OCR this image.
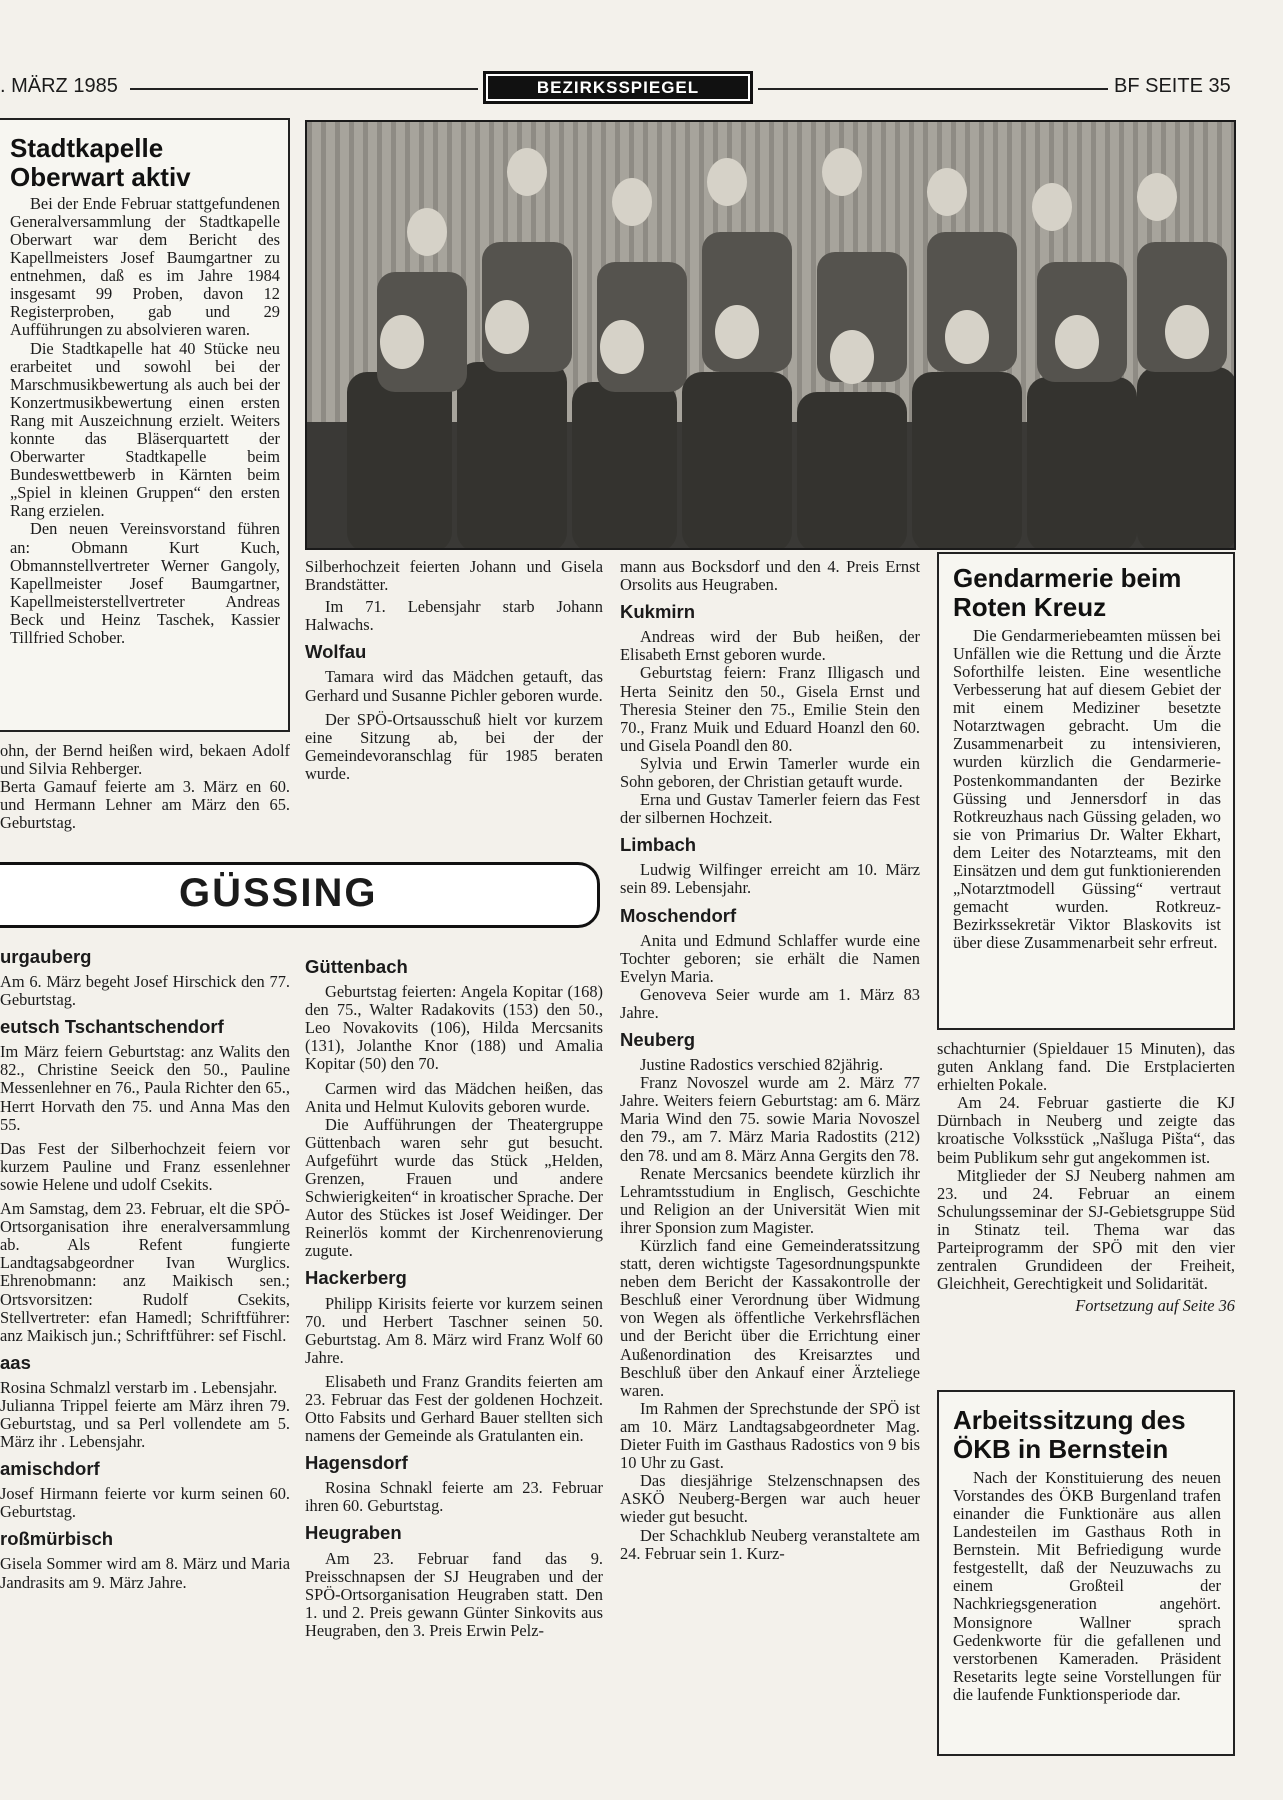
. MÄRZ 1985	BEZIRKSSPIEGEL	BF SEITE 35
Stadtkapelle
Oberwart aktiv

Bei der Ende Februar stattgefundenen Generalversammlung der Stadtkapelle Oberwart war dem Bericht des Kapellmeisters Josef Baumgartner zu entnehmen, daß es im Jahre 1984 insgesamt 99 Proben, davon 12 Registerproben, gab und 29 Aufführungen zu absolvieren waren.

Die Stadtkapelle hat 40 Stücke neu erarbeitet und sowohl bei der Marschmusikbewertung als auch bei der Konzertmusikbewertung einen ersten Rang mit Auszeichnung erzielt. Weiters konnte das Bläserquartett der Oberwarter Stadtkapelle beim Bundeswettbewerb in Kärnten beim „Spiel in kleinen Gruppen“ den ersten Rang erzielen.

Den neuen Vereinsvorstand führen an: Obmann Kurt Kuch, Obmannstellvertreter Werner Gangoly, Kapellmeister Josef Baumgartner, Kapellmeisterstellvertreter Andreas Beck und Heinz Taschek, Kassier Tillfried Schober.

ohn, der Bernd heißen wird, bekaen Adolf und Silvia Rehberger.

Berta Gamauf feierte am 3. März en 60. und Hermann Lehner am März den 65. Geburtstag.

Silberhochzeit feierten Johann und Gisela Brandstätter.

Im 71. Lebensjahr starb Johann Halwachs.

Wolfau

Tamara wird das Mädchen getauft, das Gerhard und Susanne Pichler geboren wurde.

Der SPÖ-Ortsausschuß hielt vor kurzem eine Sitzung ab, bei der der Gemeindevoranschlag für 1985 beraten wurde.

mann aus Bocksdorf und den 4. Preis Ernst Orsolits aus Heugraben.

Kukmirn

Andreas wird der Bub heißen, der Elisabeth Ernst geboren wurde.

Geburtstag feiern: Franz Illigasch und Herta Seinitz den 50., Gisela Ernst und Theresia Steiner den 75., Emilie Stein den 70., Franz Muik und Eduard Hoanzl den 60. und Gisela Poandl den 80.

Sylvia und Erwin Tamerler wurde ein Sohn geboren, der Christian getauft wurde.

Erna und Gustav Tamerler feiern das Fest der silbernen Hochzeit.

Limbach

Ludwig Wilfinger erreicht am 10. März sein 89. Lebensjahr.

Moschendorf

Anita und Edmund Schlaffer wurde eine Tochter geboren; sie erhält die Namen Evelyn Maria.

Genoveva Seier wurde am 1. März 83 Jahre.

Neuberg

Justine Radostics verschied 82jährig.

Franz Novoszel wurde am 2. März 77 Jahre. Weiters feiern Geburtstag: am 6. März Maria Wind den 75. sowie Maria Novoszel den 79., am 7. März Maria Radostits (212) den 78. und am 8. März Anna Gergits den 78.

Renate Mercsanics beendete kürzlich ihr Lehramtsstudium in Englisch, Geschichte und Religion an der Universität Wien mit ihrer Sponsion zum Magister.

Kürzlich fand eine Gemeinderatssitzung statt, deren wichtigste Tagesordnungspunkte neben dem Bericht der Kassakontrolle der Beschluß einer Verordnung über Widmung von Wegen als öffentliche Verkehrsflächen und der Bericht über die Errichtung einer Außenordination des Kreisarztes und Beschluß über den Ankauf einer Ärzteliege waren.

Im Rahmen der Sprechstunde der SPÖ ist am 10. März Landtagsabgeordneter Mag. Dieter Fuith im Gasthaus Radostics von 9 bis 10 Uhr zu Gast.

Das diesjährige Stelzenschnapsen des ASKÖ Neuberg-Bergen war auch heuer wieder gut besucht.

Der Schachklub Neuberg veranstaltete am 24. Februar sein 1. Kurz-

Gendarmerie beim
Roten Kreuz

Die Gendarmeriebeamten müssen bei Unfällen wie die Rettung und die Ärzte Soforthilfe leisten. Eine wesentliche Verbesserung hat auf diesem Gebiet der mit einem Mediziner besetzte Notarztwagen gebracht. Um die Zusammenarbeit zu intensivieren, wurden kürzlich die Gendarmerie-Postenkommandanten der Bezirke Güssing und Jennersdorf in das Rotkreuzhaus nach Güssing geladen, wo sie von Primarius Dr. Walter Ekhart, dem Leiter des Notarzteams, mit den Einsätzen und dem gut funktionierenden „Notarztmodell Güssing“ vertraut gemacht wurden. Rotkreuz-Bezirkssekretär Viktor Blaskovits ist über diese Zusammenarbeit sehr erfreut.

schachturnier (Spieldauer 15 Minuten), das guten Anklang fand. Die Erstplacierten erhielten Pokale.

Am 24. Februar gastierte die KJ Dürnbach in Neuberg und zeigte das kroatische Volksstück „Našluga Pišta“, das beim Publikum sehr gut angekommen ist.

Mitglieder der SJ Neuberg nahmen am 23. und 24. Februar an einem Schulungsseminar der SJ-Gebietsgruppe Süd in Stinatz teil. Thema war das Parteiprogramm der SPÖ mit den vier zentralen Grundideen der Freiheit, Gleichheit, Gerechtigkeit und Solidarität.

Fortsetzung auf Seite 36

Arbeitssitzung des
ÖKB in Bernstein

Nach der Konstituierung des neuen Vorstandes des ÖKB Burgenland trafen einander die Funktionäre aus allen Landesteilen im Gasthaus Roth in Bernstein. Mit Befriedigung wurde festgestellt, daß der Neuzuwachs zu einem Großteil der Nachkriegsgeneration angehört. Monsignore Wallner sprach Gedenkworte für die gefallenen und verstorbenen Kameraden. Präsident Resetarits legte seine Vorstellungen für die laufende Funktionsperiode dar.

GÜSSING
urgauberg

Am 6. März begeht Josef Hirschick den 77. Geburtstag.

eutsch Tschantschendorf

Im März feiern Geburtstag: anz Walits den 82., Christine Seeick den 50., Pauline Messenlehner en 76., Paula Richter den 65., Herrt Horvath den 75. und Anna Mas den 55.

Das Fest der Silberhochzeit feiern vor kurzem Pauline und Franz essenlehner sowie Helene und udolf Csekits.

Am Samstag, dem 23. Februar, elt die SPÖ-Ortsorganisation ihre eneralversammlung ab. Als Refent fungierte Landtagsabgeordner Ivan Wurglics. Ehrenobmann: anz Maikisch sen.; Ortsvorsitzen: Rudolf Csekits, Stellvertreter: efan Hamedl; Schriftführer: anz Maikisch jun.; Schriftführer: sef Fischl.

aas

Rosina Schmalzl verstarb im . Lebensjahr.

Julianna Trippel feierte am März ihren 79. Geburtstag, und sa Perl vollendete am 5. März ihr . Lebensjahr.

amischdorf

Josef Hirmann feierte vor kurm seinen 60. Geburtstag.

roßmürbisch

Gisela Sommer wird am 8. März und Maria Jandrasits am 9. März Jahre.

Güttenbach

Geburtstag feierten: Angela Kopitar (168) den 75., Walter Radakovits (153) den 50., Leo Novakovits (106), Hilda Mercsanits (131), Jolanthe Knor (188) und Amalia Kopitar (50) den 70.

Carmen wird das Mädchen heißen, das Anita und Helmut Kulovits geboren wurde.

Die Aufführungen der Theatergruppe Güttenbach waren sehr gut besucht. Aufgeführt wurde das Stück „Helden, Grenzen, Frauen und andere Schwierigkeiten“ in kroatischer Sprache. Der Autor des Stückes ist Josef Weidinger. Der Reinerlös kommt der Kirchenrenovierung zugute.

Hackerberg

Philipp Kirisits feierte vor kurzem seinen 70. und Herbert Taschner seinen 50. Geburtstag. Am 8. März wird Franz Wolf 60 Jahre.

Elisabeth und Franz Grandits feierten am 23. Februar das Fest der goldenen Hochzeit. Otto Fabsits und Gerhard Bauer stellten sich namens der Gemeinde als Gratulanten ein.

Hagensdorf

Rosina Schnakl feierte am 23. Februar ihren 60. Geburtstag.

Heugraben

Am 23. Februar fand das 9. Preisschnapsen der SJ Heugraben und der SPÖ-Ortsorganisation Heugraben statt. Den 1. und 2. Preis gewann Günter Sinkovits aus Heugraben, den 3. Preis Erwin Pelz-
